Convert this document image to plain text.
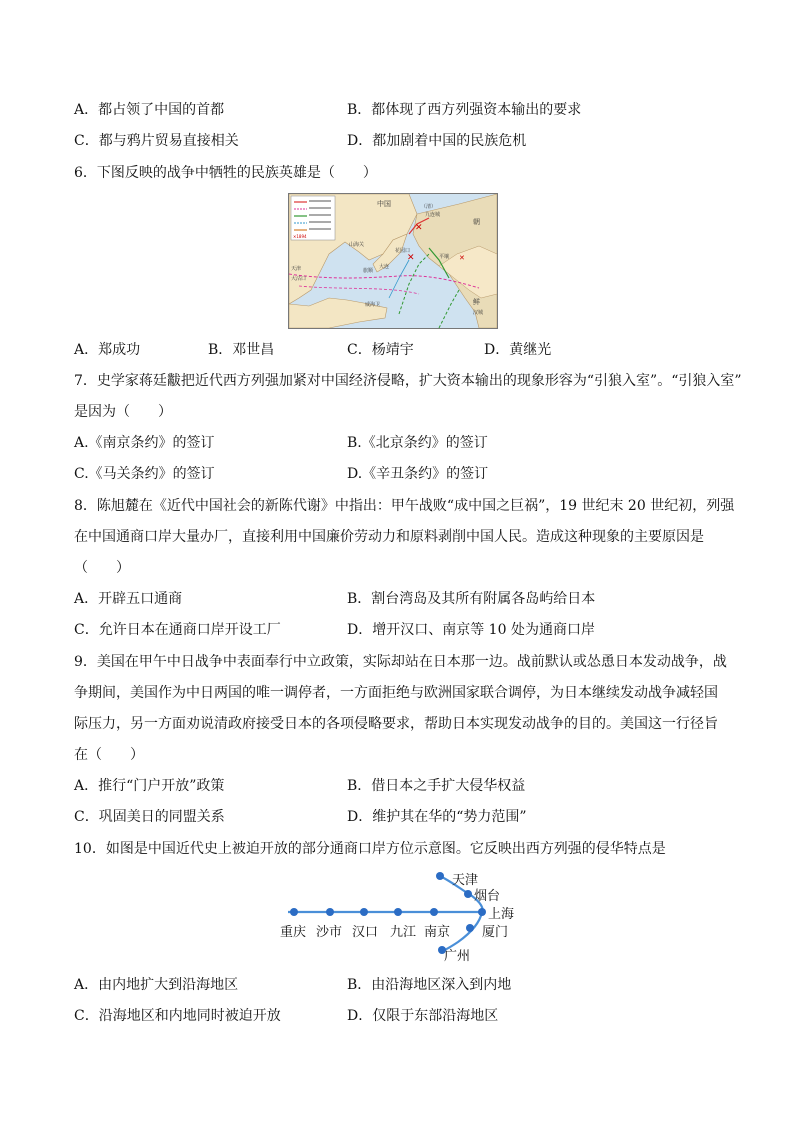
A．都占领了中国的首都	B．都体现了西方列强资本输出的要求
C．都与鸦片贸易直接相关	D．都加剧着中国的民族危机
6．下图反映的战争中牺牲的民族英雄是（　　）
✕1894
✕
✕
✕
中国	（清）
朝
鲜
山海关
天津
大沽口
花园口
旅顺
大连
威海卫
平壤
汉城
九连城
A．郑成功	B．邓世昌	C．杨靖宇	D．黄继光
7．史学家蒋廷黻把近代西方列强加紧对中国经济侵略，扩大资本输出的现象形容为“引狼入室”。“引狼入室”
是因为（　　）
A.《南京条约》的签订	B.《北京条约》的签订
C.《马关条约》的签订	D.《辛丑条约》的签订
8．陈旭麓在《近代中国社会的新陈代谢》中指出：甲午战败“成中国之巨祸”，19 世纪末 20 世纪初，列强
在中国通商口岸大量办厂，直接利用中国廉价劳动力和原料剥削中国人民。造成这种现象的主要原因是
（　　）
A．开辟五口通商	B．割台湾岛及其所有附属各岛屿给日本
C．允许日本在通商口岸开设工厂	D．增开汉口、南京等 10 处为通商口岸
9．美国在甲午中日战争中表面奉行中立政策，实际却站在日本那一边。战前默认或怂恿日本发动战争，战
争期间，美国作为中日两国的唯一调停者，一方面拒绝与欧洲国家联合调停，为日本继续发动战争减轻国
际压力，另一方面劝说清政府接受日本的各项侵略要求，帮助日本实现发动战争的目的。美国这一行径旨
在（　　）
A．推行“门户开放”政策	B．借日本之手扩大侵华权益
C．巩固美日的同盟关系	D．维护其在华的“势力范围”
10．如图是中国近代史上被迫开放的部分通商口岸方位示意图。它反映出西方列强的侵华特点是
重庆 沙市 汉口 九江 南京
天津
烟台
上海
厦门
广州
A．由内地扩大到沿海地区	B．由沿海地区深入到内地
C．沿海地区和内地同时被迫开放	D．仅限于东部沿海地区
